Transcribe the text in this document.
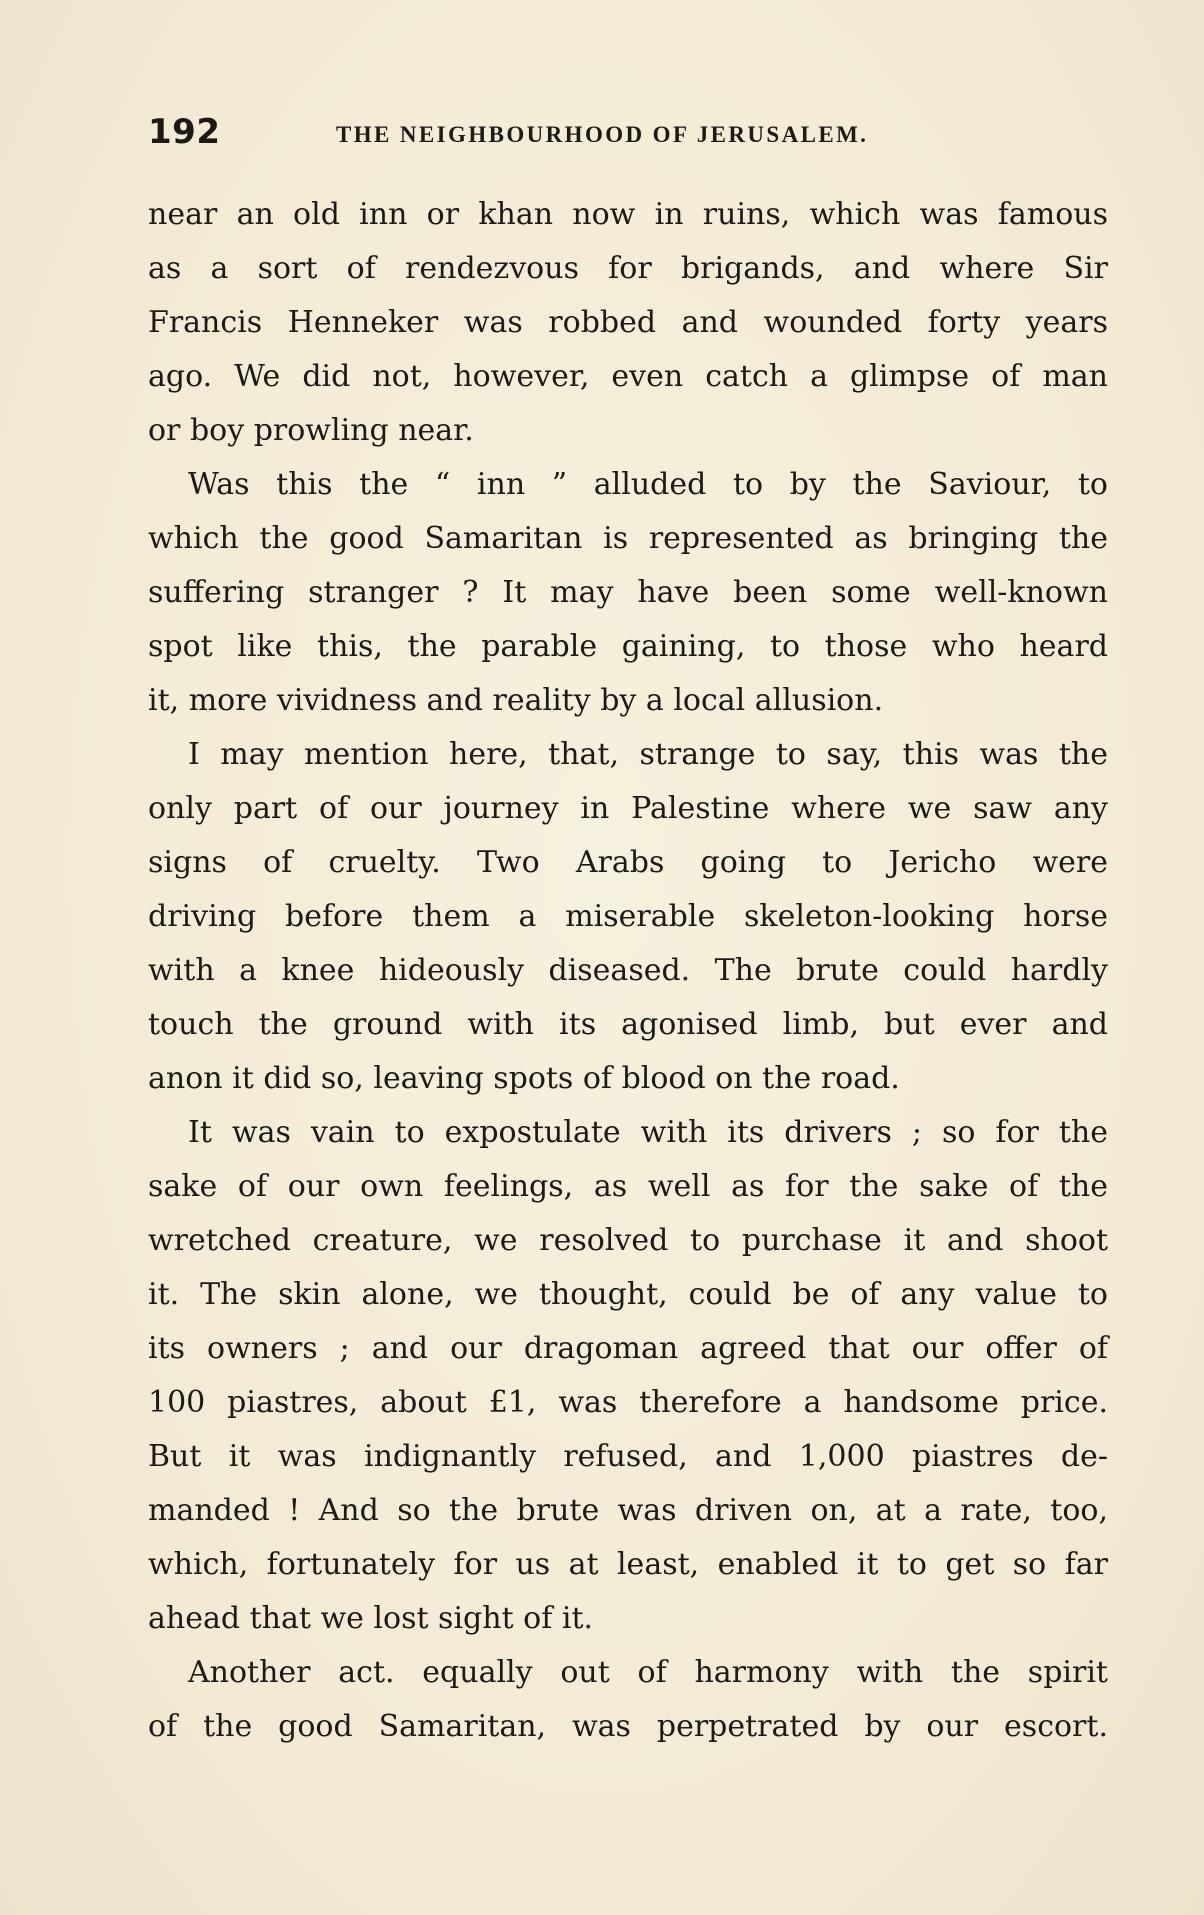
192	THE NEIGHBOURHOOD OF JERUSALEM.
near an old inn or khan now in ruins, which was famous
as a sort of rendezvous for brigands, and where Sir
Francis Henneker was robbed and wounded forty years
ago. We did not, however, even catch a glimpse of man
or boy prowling near.
Was this the “ inn ” alluded to by the Saviour, to
which the good Samaritan is represented as bringing the
suffering stranger ? It may have been some well-known
spot like this, the parable gaining, to those who heard
it, more vividness and reality by a local allusion.
I may mention here, that, strange to say, this was the
only part of our journey in Palestine where we saw any
signs of cruelty. Two Arabs going to Jericho were
driving before them a miserable skeleton-looking horse
with a knee hideously diseased. The brute could hardly
touch the ground with its agonised limb, but ever and
anon it did so, leaving spots of blood on the road.
It was vain to expostulate with its drivers ; so for the
sake of our own feelings, as well as for the sake of the
wretched creature, we resolved to purchase it and shoot
it. The skin alone, we thought, could be of any value to
its owners ; and our dragoman agreed that our offer of
100 piastres, about £1, was therefore a handsome price.
But it was indignantly refused, and 1,000 piastres de-
manded ! And so the brute was driven on, at a rate, too,
which, fortunately for us at least, enabled it to get so far
ahead that we lost sight of it.
Another act. equally out of harmony with the spirit
of the good Samaritan, was perpetrated by our escort.
